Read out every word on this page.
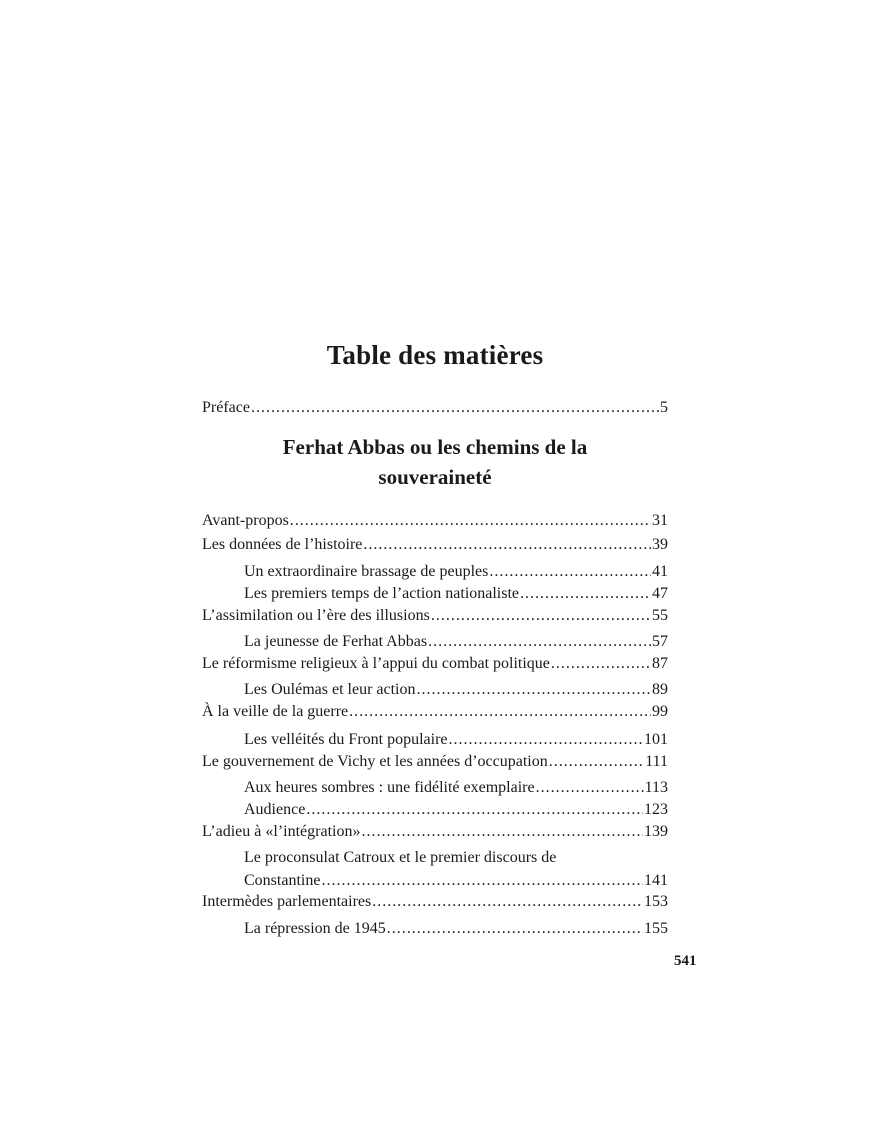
Table des matières
Préface .....	5
Ferhat Abbas ou les chemins de la
souveraineté
Avant-propos .....	31
Les données de l’histoire .....	39
Un extraordinaire brassage de peuples .....	41
Les premiers temps de l’action nationaliste .....	47
L’assimilation ou l’ère des illusions .....	55
La jeunesse de Ferhat Abbas .....	57
Le réformisme religieux à l’appui du combat politique .....	87
Les Oulémas et leur action .....	89
À la veille de la guerre .....	99
Les velléités du Front populaire .....	101
Le gouvernement de Vichy et les années d’occupation .....	111
Aux heures sombres : une fidélité exemplaire .....	113
Audience .....	123
L’adieu à «l’intégration» .....	139
Le proconsulat Catroux et le premier discours de
Constantine .....	141
Intermèdes parlementaires .....	153
La répression de 1945 .....	155
541
